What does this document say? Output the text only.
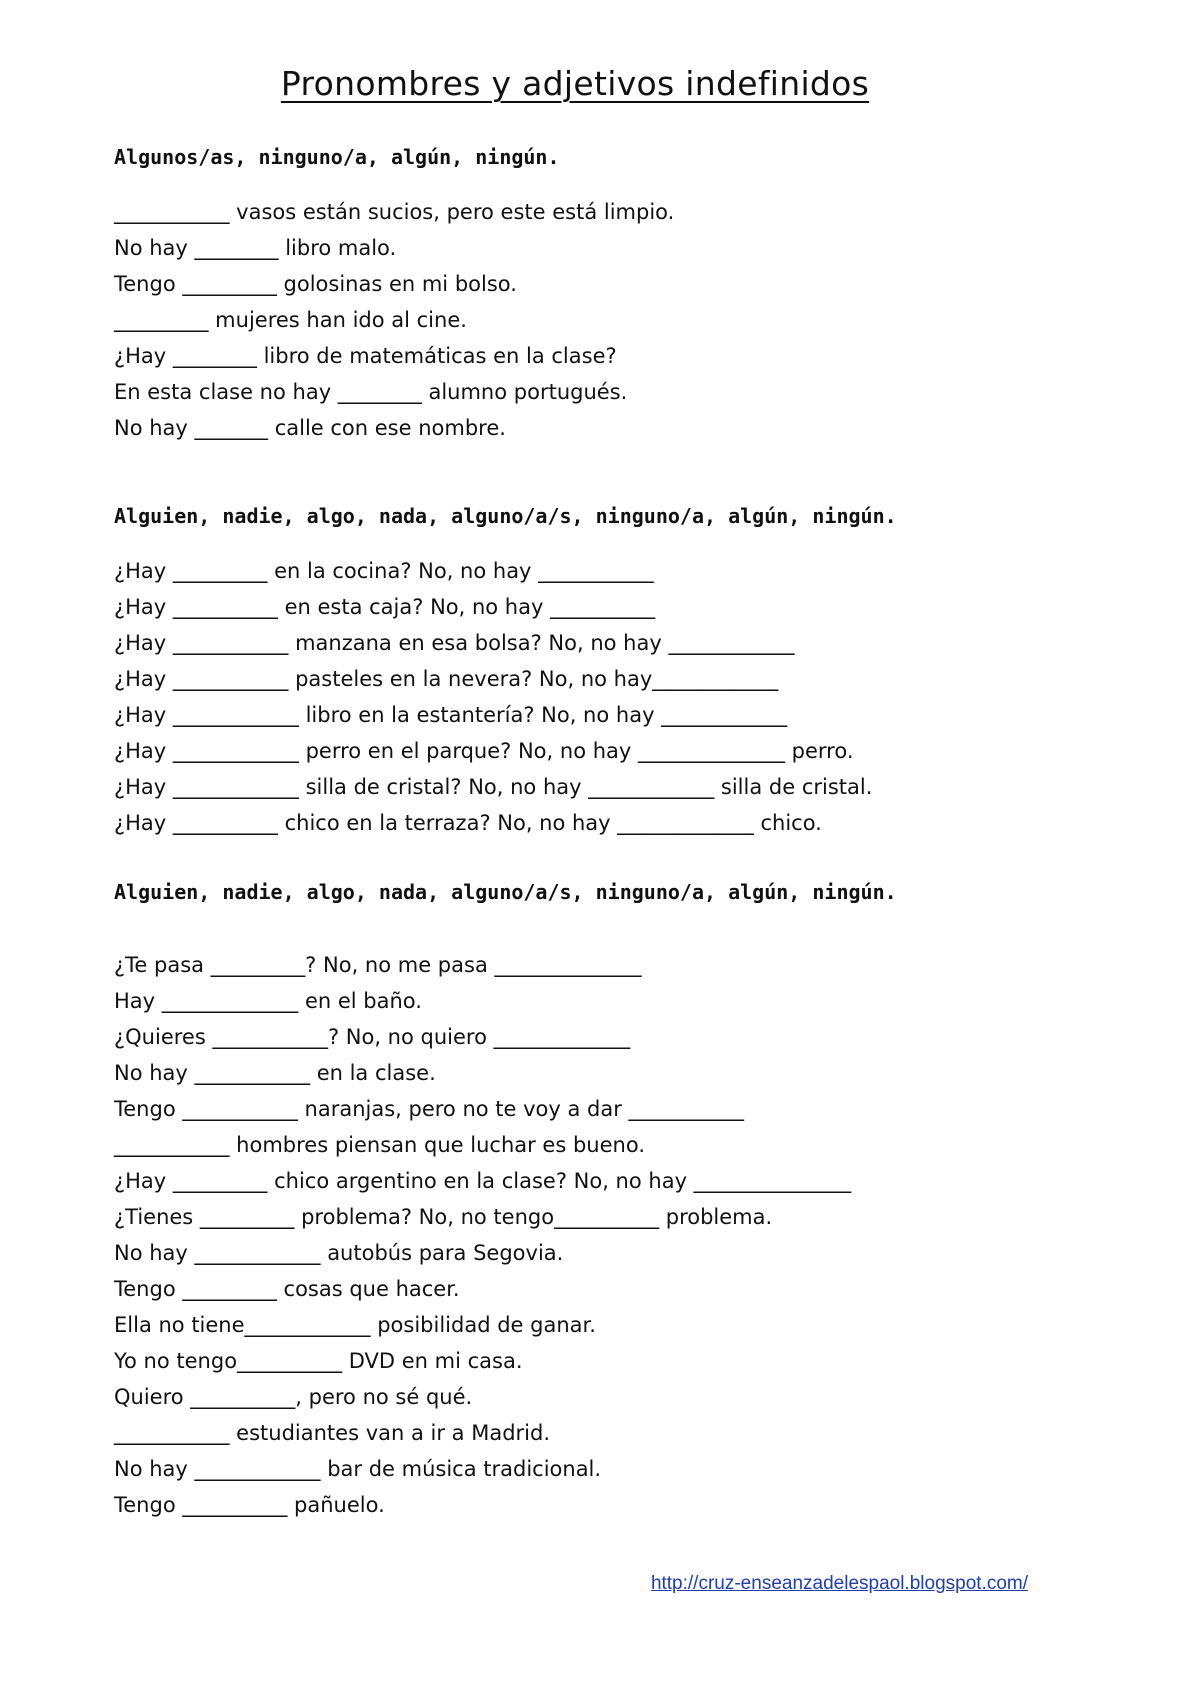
Pronombres y adjetivos indefinidos
Algunos/as, ninguno/a, algún, ningún.
___________ vasos están sucios, pero este está limpio.
No hay ________ libro malo.
Tengo _________ golosinas en mi bolso.
_________ mujeres han ido al cine.
¿Hay ________ libro de matemáticas en la clase?
En esta clase no hay ________ alumno portugués.
No hay _______ calle con ese nombre.
Alguien, nadie, algo, nada, alguno/a/s, ninguno/a, algún, ningún.
¿Hay _________ en la cocina? No, no hay ___________
¿Hay __________ en esta caja? No, no hay __________
¿Hay ___________ manzana en esa bolsa? No, no hay ____________
¿Hay ___________ pasteles en la nevera? No, no hay____________
¿Hay ____________ libro en la estantería? No, no hay ____________
¿Hay ____________ perro en el parque? No, no hay ______________ perro.
¿Hay ____________ silla de cristal? No, no hay ____________ silla de cristal.
¿Hay __________ chico en la terraza? No, no hay _____________ chico.
Alguien, nadie, algo, nada, alguno/a/s, ninguno/a, algún, ningún.
¿Te pasa _________? No, no me pasa ______________
Hay _____________ en el baño.
¿Quieres ___________? No, no quiero _____________
No hay ___________ en la clase.
Tengo ___________ naranjas, pero no te voy a dar ___________
___________ hombres piensan que luchar es bueno.
¿Hay _________ chico argentino en la clase? No, no hay _______________
¿Tienes _________ problema? No, no tengo__________ problema.
No hay ____________ autobús para Segovia.
Tengo _________ cosas que hacer.
Ella no tiene____________ posibilidad de ganar.
Yo no tengo__________ DVD en mi casa.
Quiero __________, pero no sé qué.
___________ estudiantes van a ir a Madrid.
No hay ____________ bar de música tradicional.
Tengo __________ pañuelo.
http://cruz-enseanzadelespaol.blogspot.com/
